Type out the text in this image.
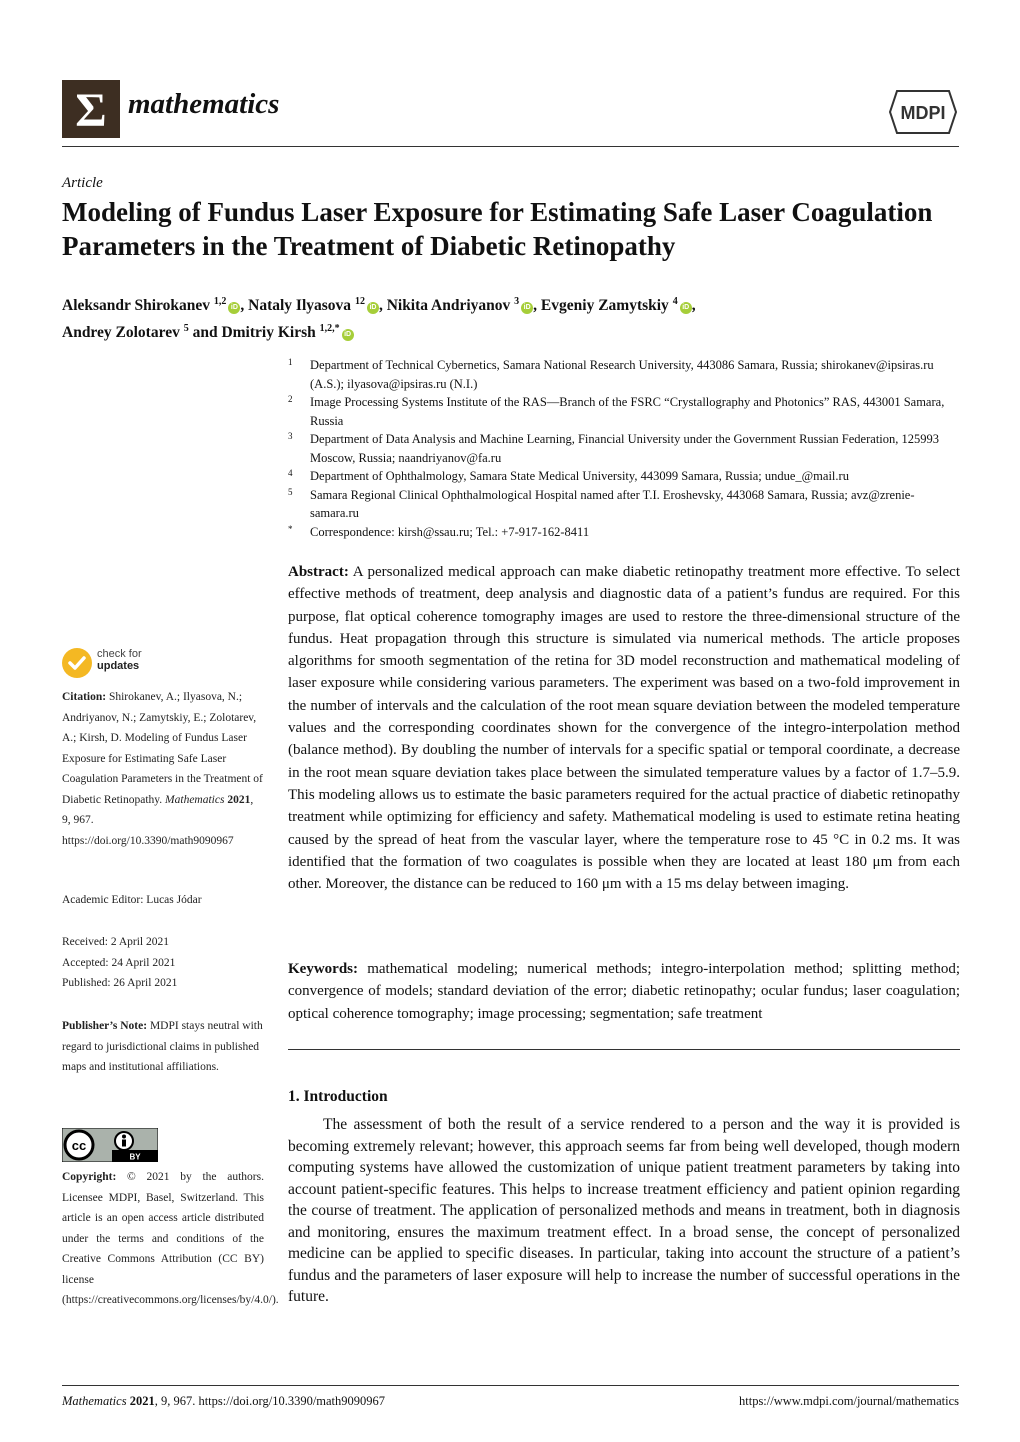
Σ mathematics	MDPI
Article
Modeling of Fundus Laser Exposure for Estimating Safe Laser Coagulation Parameters in the Treatment of Diabetic Retinopathy
Aleksandr Shirokanev $^{1,2}$iD , Nataly Ilyasova $^{12}$iD , Nikita Andriyanov $^3$iD , Evgeniy Zamytskiy $^4$iD ,
Andrey Zolotarev $^5$ and Dmitriy Kirsh $^{1,2,*}$iD
1	Department of Technical Cybernetics, Samara National Research University, 443086 Samara, Russia; shirokanev@ipsiras.ru (A.S.); ilyasova@ipsiras.ru (N.I.)
2	Image Processing Systems Institute of the RAS—Branch of the FSRC “Crystallography and Photonics” RAS, 443001 Samara, Russia
3	Department of Data Analysis and Machine Learning, Financial University under the Government Russian Federation, 125993 Moscow, Russia; naandriyanov@fa.ru
4	Department of Ophthalmology, Samara State Medical University, 443099 Samara, Russia; undue_@mail.ru
5	Samara Regional Clinical Ophthalmological Hospital named after T.I. Eroshevsky, 443068 Samara, Russia; avz@zrenie-samara.ru
*	Correspondence: kirsh@ssau.ru; Tel.: +7-917-162-8411
Abstract: A personalized medical approach can make diabetic retinopathy treatment more effective. To select effective methods of treatment, deep analysis and diagnostic data of a patient’s fundus are required. For this purpose, flat optical coherence tomography images are used to restore the three-dimensional structure of the fundus. Heat propagation through this structure is simulated via numerical methods. The article proposes algorithms for smooth segmentation of the retina for 3D model reconstruction and mathematical modeling of laser exposure while considering various parameters. The experiment was based on a two-fold improvement in the number of intervals and the calculation of the root mean square deviation between the modeled temperature values and the corresponding coordinates shown for the convergence of the integro-interpolation method (balance method). By doubling the number of intervals for a specific spatial or temporal coordinate, a decrease in the root mean square deviation takes place between the simulated temperature values by a factor of 1.7–5.9. This modeling allows us to estimate the basic parameters required for the actual practice of diabetic retinopathy treatment while optimizing for efficiency and safety. Mathematical modeling is used to estimate retina heating caused by the spread of heat from the vascular layer, where the temperature rose to 45 °C in 0.2 ms. It was identified that the formation of two coagulates is possible when they are located at least 180 μm from each other. Moreover, the distance can be reduced to 160 μm with a 15 ms delay between imaging.
Keywords: mathematical modeling; numerical methods; integro-interpolation method; splitting method; convergence of models; standard deviation of the error; diabetic retinopathy; ocular fundus; laser coagulation; optical coherence tomography; image processing; segmentation; safe treatment
1. Introduction
The assessment of both the result of a service rendered to a person and the way it is provided is becoming extremely relevant; however, this approach seems far from being well developed, though modern computing systems have allowed the customization of unique patient treatment parameters by taking into account patient-specific features. This helps to increase treatment efficiency and patient opinion regarding the course of treatment. The application of personalized methods and means in treatment, both in diagnosis and monitoring, ensures the maximum treatment effect. In a broad sense, the concept of personalized medicine can be applied to specific diseases. In particular, taking into account the structure of a patient’s fundus and the parameters of laser exposure will help to increase the number of successful operations in the future.
check for
updates
Citation: Shirokanev, A.; Ilyasova, N.; Andriyanov, N.; Zamytskiy, E.; Zolotarev, A.; Kirsh, D. Modeling of Fundus Laser Exposure for Estimating Safe Laser Coagulation Parameters in the Treatment of Diabetic Retinopathy. Mathematics 2021, 9, 967. https://doi.org/10.3390/math9090967
Academic Editor: Lucas Jódar
Received: 2 April 2021
Accepted: 24 April 2021
Published: 26 April 2021
Publisher’s Note: MDPI stays neutral with regard to jurisdictional claims in published maps and institutional affiliations.
cc
BY
Copyright: © 2021 by the authors. Licensee MDPI, Basel, Switzerland. This article is an open access article distributed under the terms and conditions of the Creative Commons Attribution (CC BY) license (https://creativecommons.org/licenses/by/4.0/).
Mathematics 2021, 9, 967. https://doi.org/10.3390/math9090967	https://www.mdpi.com/journal/mathematics
